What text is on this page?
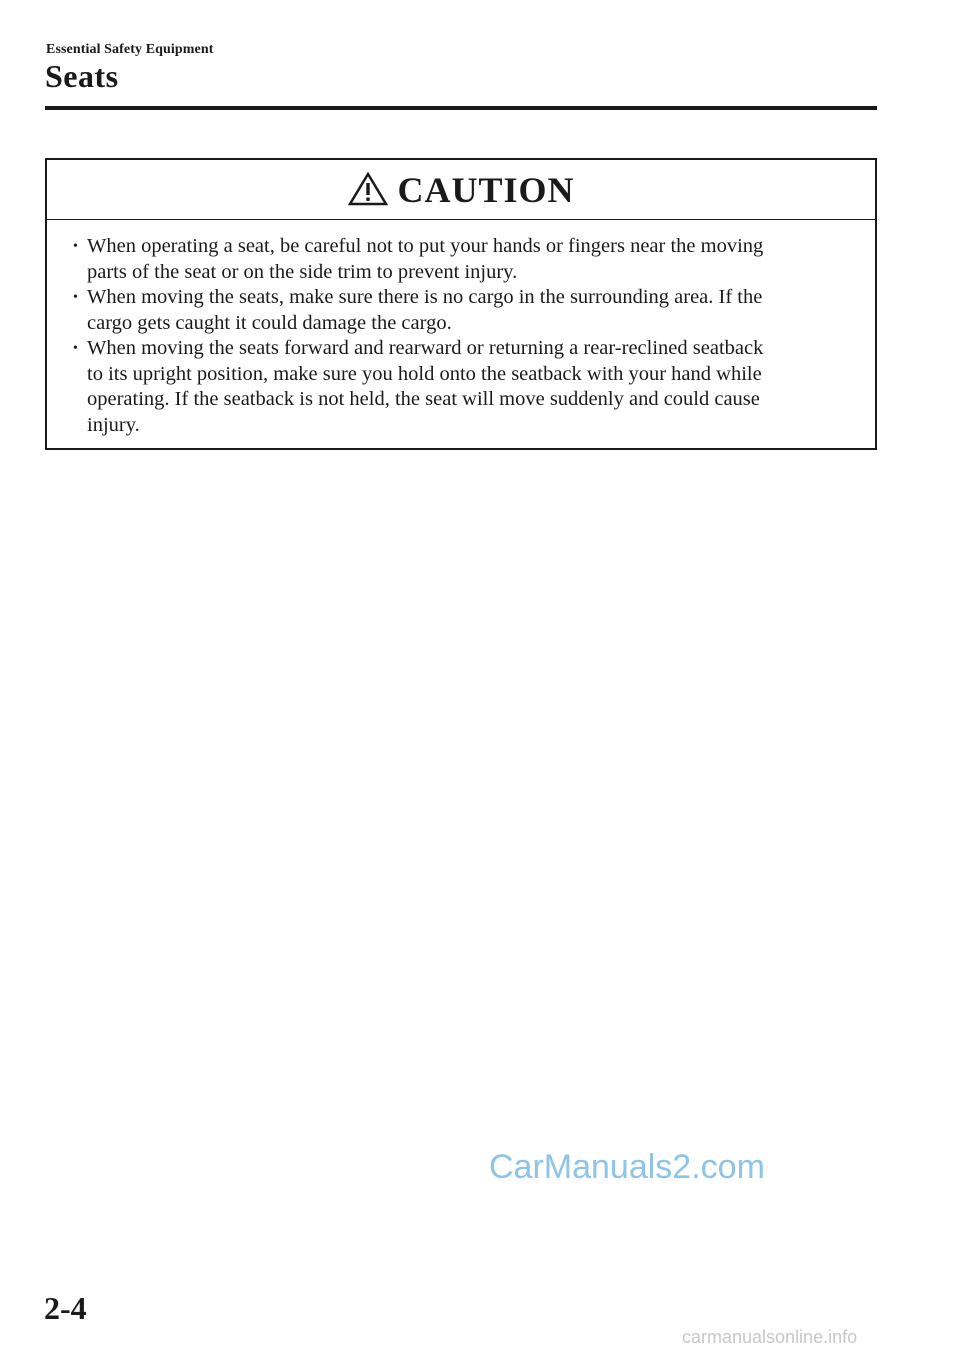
Essential Safety Equipment
Seats
CAUTION
• When operating a seat, be careful not to put your hands or fingers near the moving
parts of the seat or on the side trim to prevent injury.
• When moving the seats, make sure there is no cargo in the surrounding area. If the
cargo gets caught it could damage the cargo.
• When moving the seats forward and rearward or returning a rear-reclined seatback
to its upright position, make sure you hold onto the seatback with your hand while
operating. If the seatback is not held, the seat will move suddenly and could cause
injury.
CarManuals2.com
2-4
carmanualsonline.info
